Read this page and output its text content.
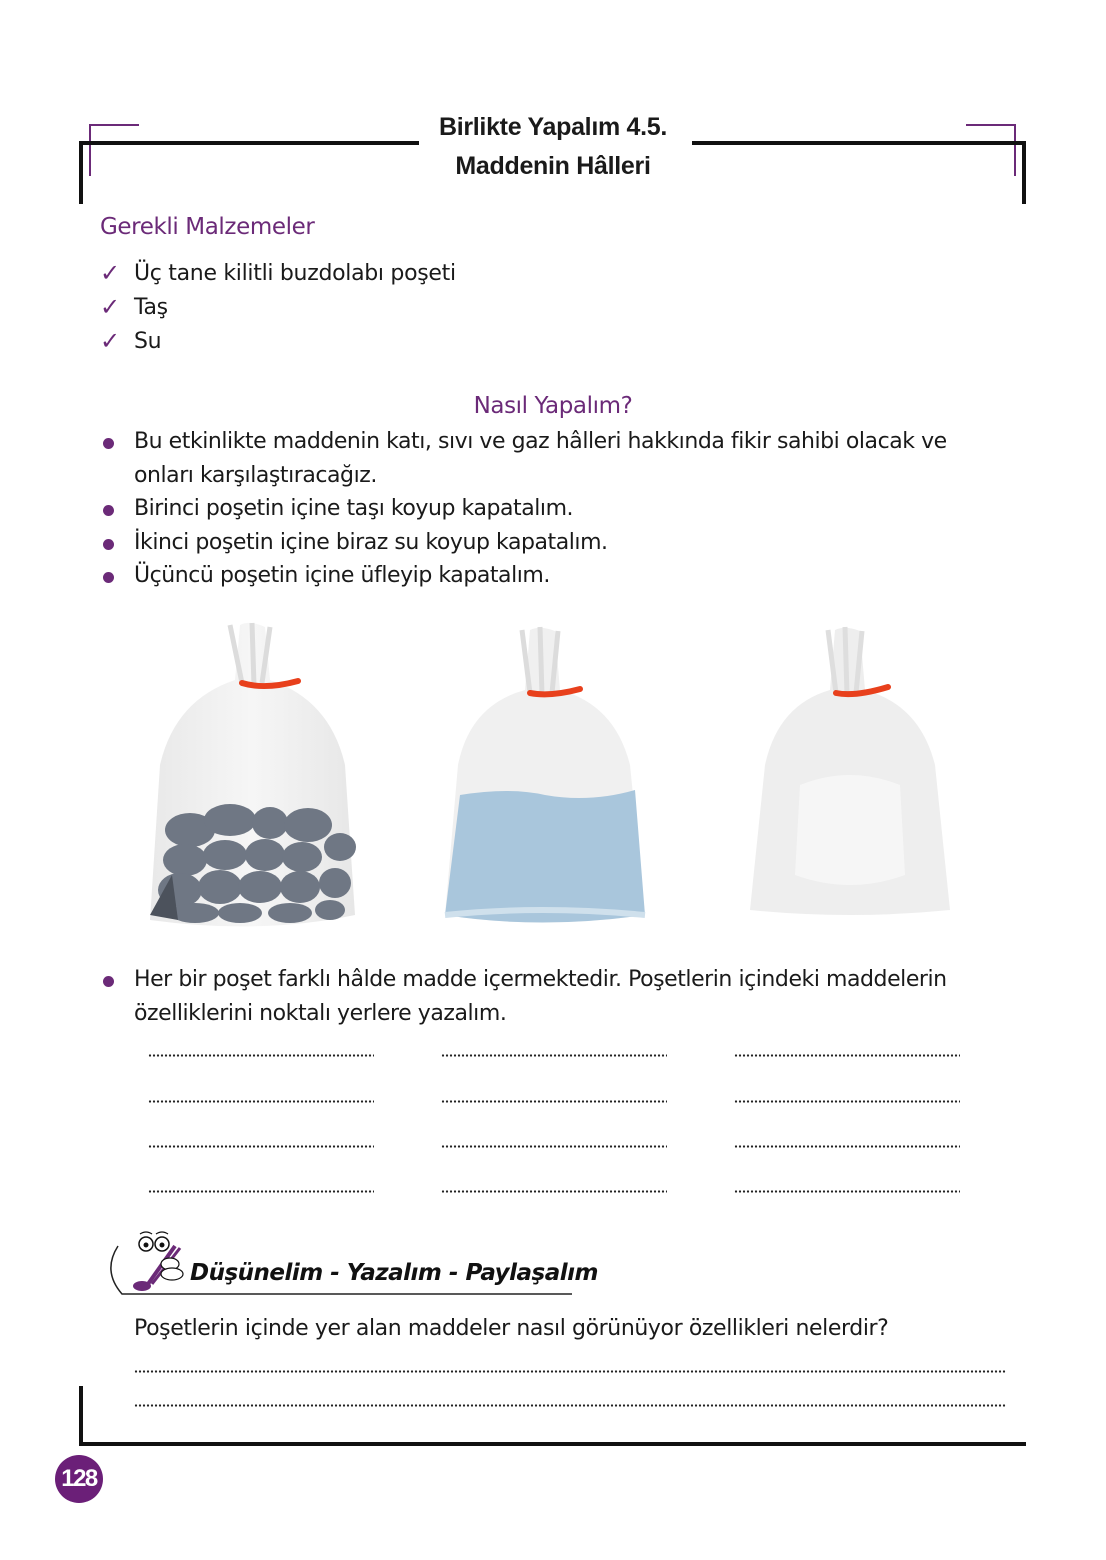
Birlikte Yapalım 4.5.
Maddenin Hâlleri
Gerekli Malzemeler
✓ Üç tane kilitli buzdolabı poşeti
✓ Taş
✓ Su
Nasıl Yapalım?
Bu etkinlikte maddenin katı, sıvı ve gaz hâlleri hakkında fikir sahibi olacak ve
onları karşılaştıracağız.
Birinci poşetin içine taşı koyup kapatalım.
İkinci poşetin içine biraz su koyup kapatalım.
Üçüncü poşetin içine üfleyip kapatalım.
Her bir poşet farklı hâlde madde içermektedir. Poşetlerin içindeki maddelerin
özelliklerini noktalı yerlere yazalım.
Düşünelim - Yazalım - Paylaşalım
Poşetlerin içinde yer alan maddeler nasıl görünüyor özellikleri nelerdir?
128
